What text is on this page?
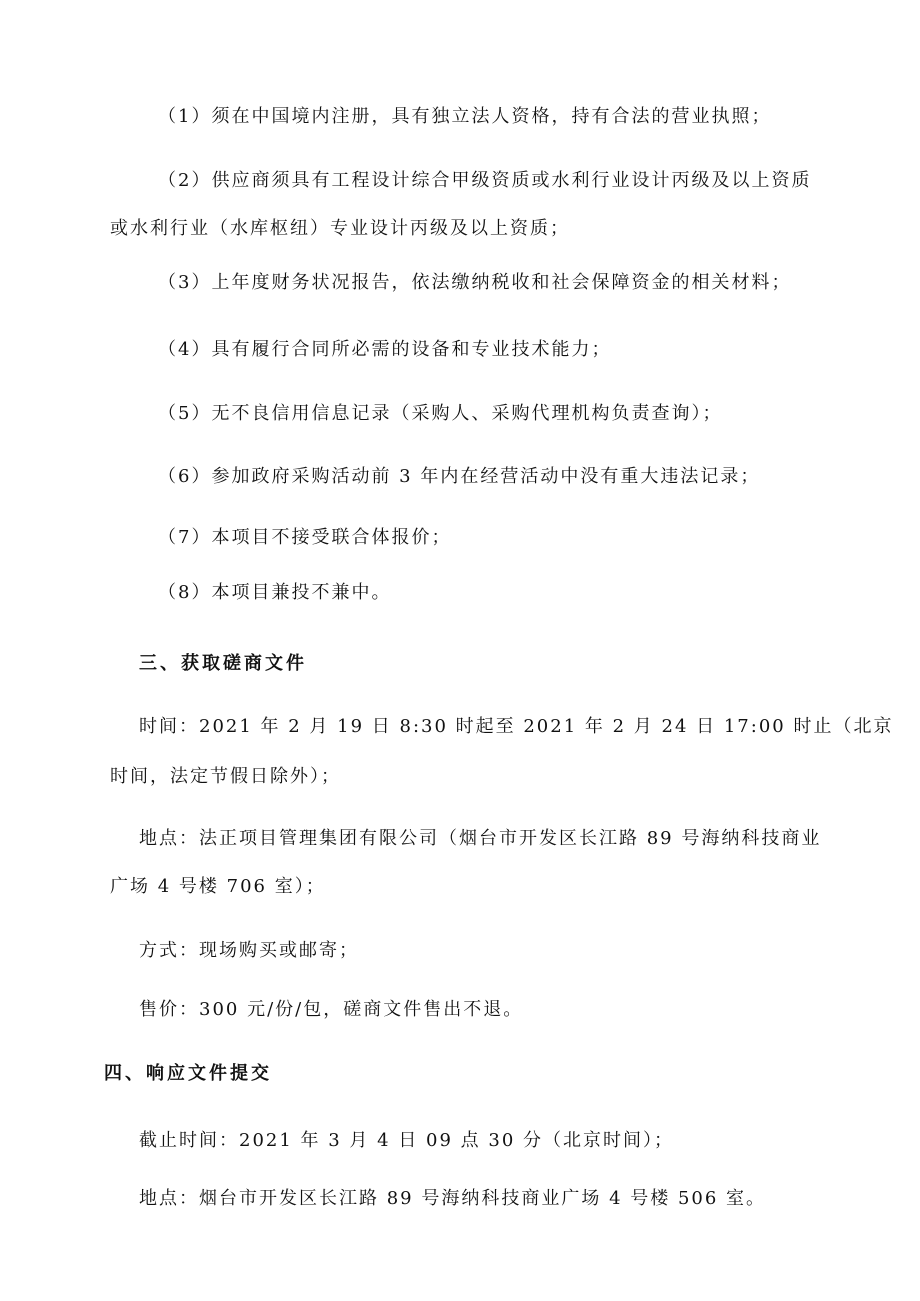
（1）须在中国境内注册，具有独立法人资格，持有合法的营业执照；
（2）供应商须具有工程设计综合甲级资质或水利行业设计丙级及以上资质
或水利行业（水库枢纽）专业设计丙级及以上资质；
（3）上年度财务状况报告，依法缴纳税收和社会保障资金的相关材料；
（4）具有履行合同所必需的设备和专业技术能力；
（5）无不良信用信息记录（采购人、采购代理机构负责查询）；
（6）参加政府采购活动前 3 年内在经营活动中没有重大违法记录；
（7）本项目不接受联合体报价；
（8）本项目兼投不兼中。
三、获取磋商文件
时间：2021 年 2 月 19 日 8:30 时起至 2021 年 2 月 24 日 17:00 时止（北京
时间，法定节假日除外）；
地点：法正项目管理集团有限公司（烟台市开发区长江路 89 号海纳科技商业
广场 4 号楼 706 室）；
方式：现场购买或邮寄；
售价：300 元/份/包，磋商文件售出不退。
四、响应文件提交
截止时间：2021 年 3 月 4 日 09 点 30 分（北京时间）；
地点：烟台市开发区长江路 89 号海纳科技商业广场 4 号楼 506 室。
